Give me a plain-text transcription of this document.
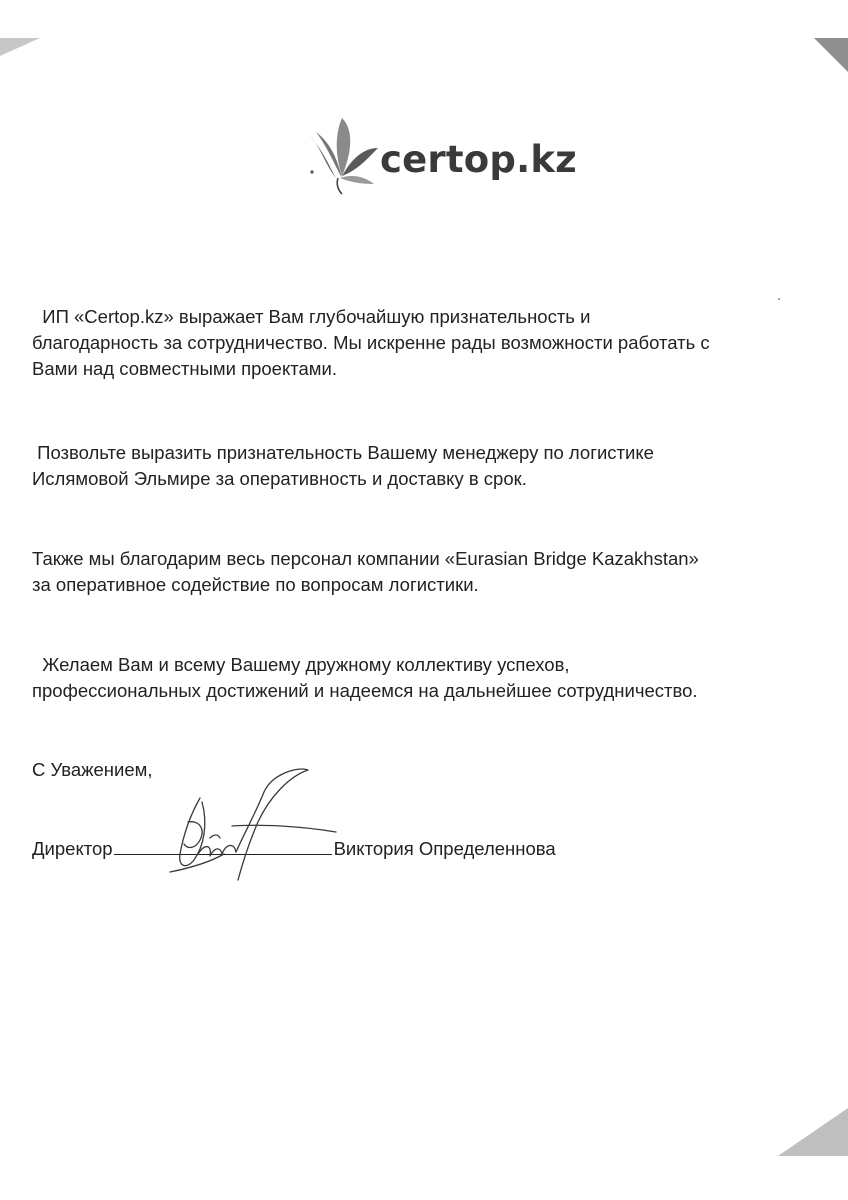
certop.kz

ИП «Certop.kz» выражает Вам глубочайшую признательность и
благодарность за сотрудничество. Мы искренне рады возможности работать с
Вами над совместными проектами.

Позвольте выразить признательность Вашему менеджеру по логистике
Ислямовой Эльмире за оперативность и доставку в срок.

Также мы благодарим весь персонал компании «Eurasian Bridge Kazakhstan»
за оперативное содействие по вопросам логистики.

Желаем Вам и всему Вашему дружному коллективу успехов,
профессиональных достижений и надеемся на дальнейшее сотрудничество.

С Уважением,

Директор	Виктория Определеннова
